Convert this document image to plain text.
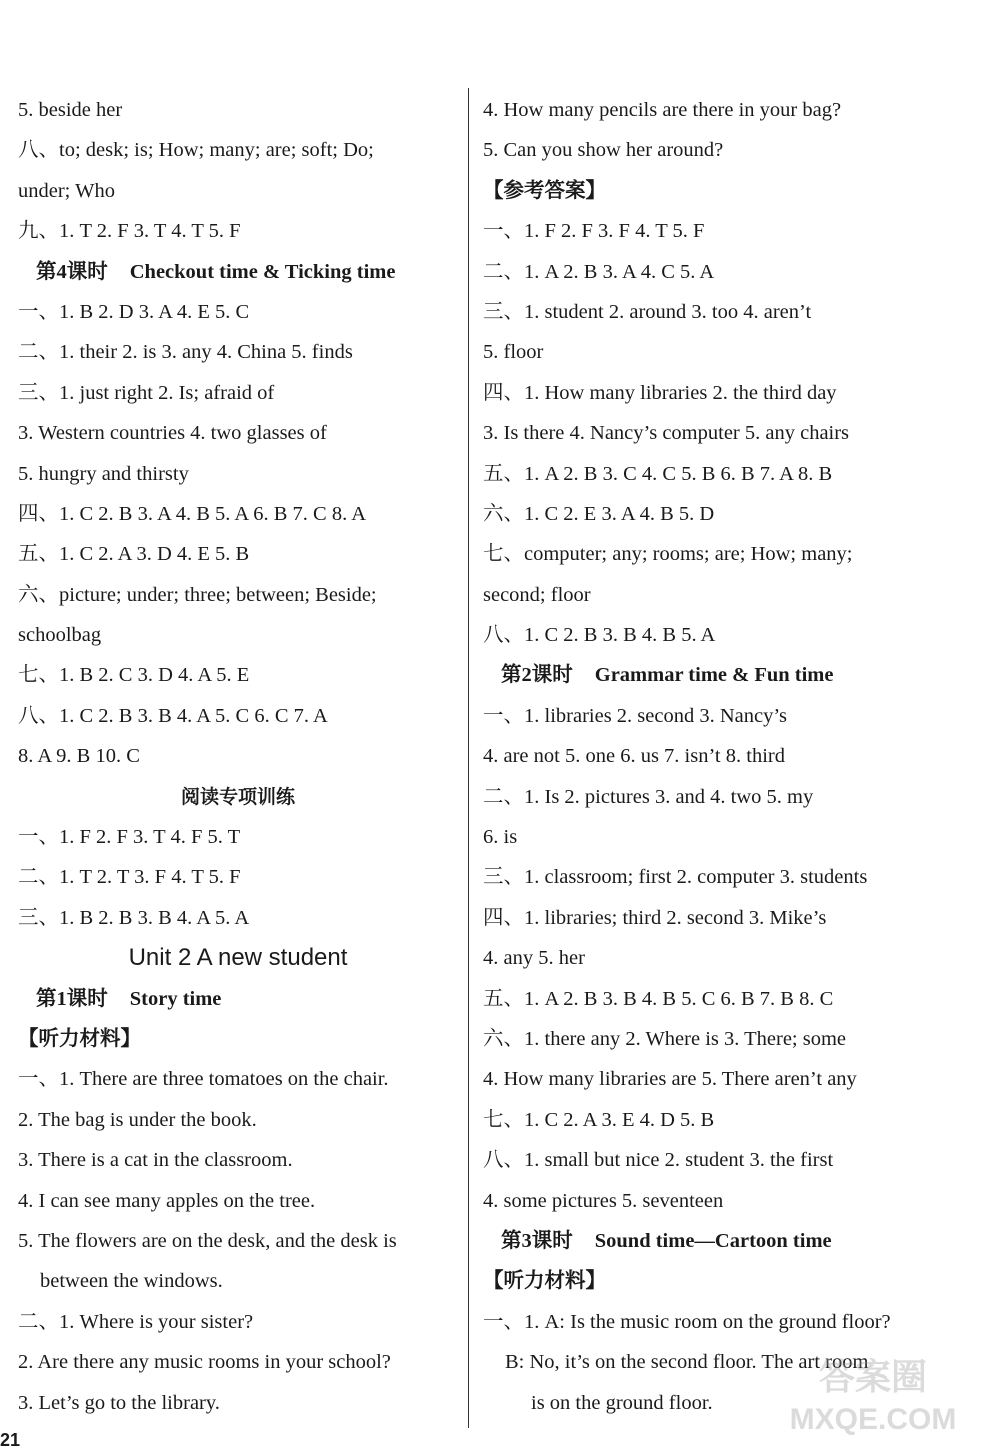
5. beside her
八、to; desk; is; How; many; are; soft; Do;
under; Who
九、1. T 2. F 3. T 4. T 5. F
第4课时 Checkout time & Ticking time
一、1. B 2. D 3. A 4. E 5. C
二、1. their 2. is 3. any 4. China 5. finds
三、1. just right 2. Is; afraid of
3. Western countries 4. two glasses of
5. hungry and thirsty
四、1. C 2. B 3. A 4. B 5. A 6. B 7. C 8. A
五、1. C 2. A 3. D 4. E 5. B
六、picture; under; three; between; Beside;
schoolbag
七、1. B 2. C 3. D 4. A 5. E
八、1. C 2. B 3. B 4. A 5. C 6. C 7. A
8. A 9. B 10. C
阅读专项训练
一、1. F 2. F 3. T 4. F 5. T
二、1. T 2. T 3. F 4. T 5. F
三、1. B 2. B 3. B 4. A 5. A
Unit 2 A new student
第1课时 Story time
【听力材料】
一、1. There are three tomatoes on the chair.
2. The bag is under the book.
3. There is a cat in the classroom.
4. I can see many apples on the tree.
5. The flowers are on the desk, and the desk is
between the windows.
二、1. Where is your sister?
2. Are there any music rooms in your school?
3. Let’s go to the library.
4. How many pencils are there in your bag?
5. Can you show her around?
【参考答案】
一、1. F 2. F 3. F 4. T 5. F
二、1. A 2. B 3. A 4. C 5. A
三、1. student 2. around 3. too 4. aren’t
5. floor
四、1. How many libraries 2. the third day
3. Is there 4. Nancy’s computer 5. any chairs
五、1. A 2. B 3. C 4. C 5. B 6. B 7. A 8. B
六、1. C 2. E 3. A 4. B 5. D
七、computer; any; rooms; are; How; many;
second; floor
八、1. C 2. B 3. B 4. B 5. A
第2课时 Grammar time & Fun time
一、1. libraries 2. second 3. Nancy’s
4. are not 5. one 6. us 7. isn’t 8. third
二、1. Is 2. pictures 3. and 4. two 5. my
6. is
三、1. classroom; first 2. computer 3. students
四、1. libraries; third 2. second 3. Mike’s
4. any 5. her
五、1. A 2. B 3. B 4. B 5. C 6. B 7. B 8. C
六、1. there any 2. Where is 3. There; some
4. How many libraries are 5. There aren’t any
七、1. C 2. A 3. E 4. D 5. B
八、1. small but nice 2. student 3. the first
4. some pictures 5. seventeen
第3课时 Sound time—Cartoon time
【听力材料】
一、1. A: Is the music room on the ground floor?
B: No, it’s on the second floor. The art room
is on the ground floor.
21
答案圈
MXQE.COM
